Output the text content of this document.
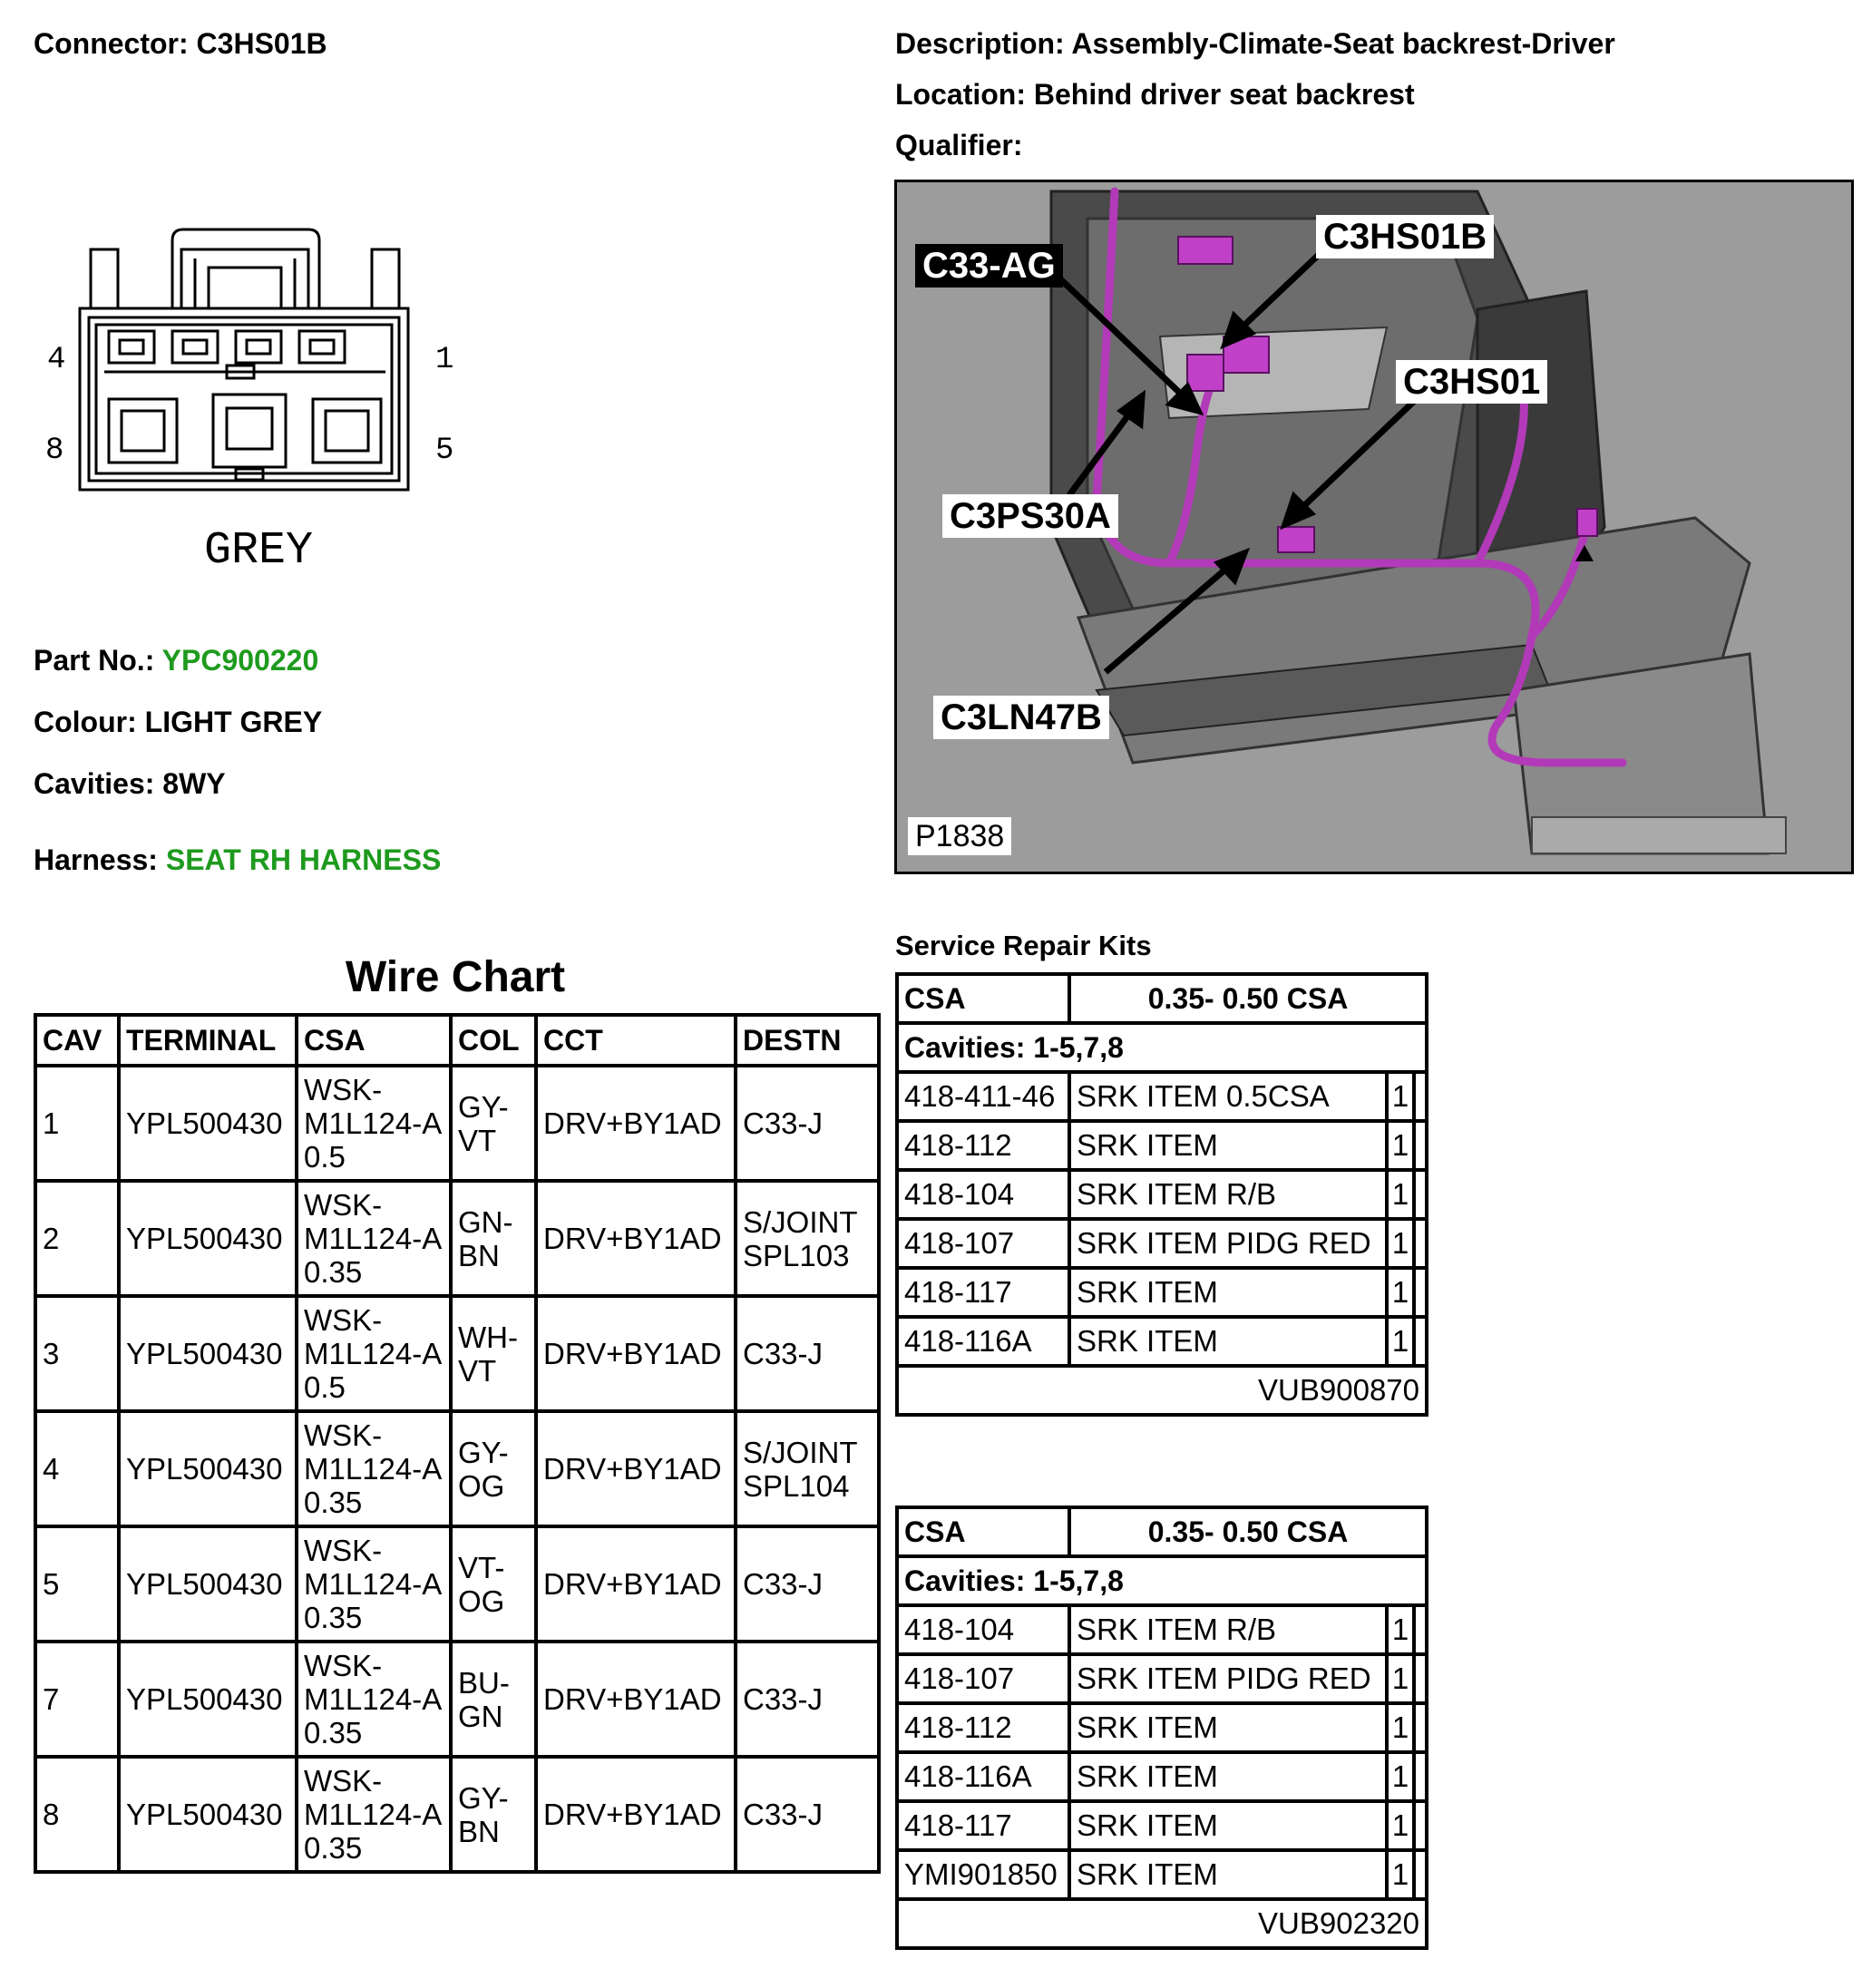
Connector: C3HS01B	Description: Assembly-Climate-Seat backrest-Driver
Location: Behind driver seat backrest
Qualifier:
4	1
8	5
GREY
Part No.: YPC900220
Colour: LIGHT GREY
Cavities: 8WY
Harness: SEAT RH HARNESS
C3HS01B
C33-AG
C3HS01
C3PS30A
C3LN47B
P1838
Wire Chart
CAV	TERMINAL	CSA	COL	CCT	DESTN
1	YPL500430	WSK-M1L124-A 0.5	GY-VT	DRV+BY1AD	C33-J
2	YPL500430	WSK-M1L124-A 0.35	GN-BN	DRV+BY1AD	S/JOINT SPL103
3	YPL500430	WSK-M1L124-A 0.5	WH-VT	DRV+BY1AD	C33-J
4	YPL500430	WSK-M1L124-A 0.35	GY-OG	DRV+BY1AD	S/JOINT SPL104
5	YPL500430	WSK-M1L124-A 0.35	VT-OG	DRV+BY1AD	C33-J
7	YPL500430	WSK-M1L124-A 0.35	BU-GN	DRV+BY1AD	C33-J
8	YPL500430	WSK-M1L124-A 0.35	GY-BN	DRV+BY1AD	C33-J
Service Repair Kits
CSA	0.35- 0.50 CSA		
Cavities: 1-5,7,8			
418-411-46	SRK ITEM 0.5CSA	1	
418-112	SRK ITEM	1	
418-104	SRK ITEM R/B	1	
418-107	SRK ITEM PIDG RED	1	
418-117	SRK ITEM	1	
418-116A	SRK ITEM	1	
VUB900870			
CSA	0.35- 0.50 CSA		
Cavities: 1-5,7,8			
418-104	SRK ITEM R/B	1	
418-107	SRK ITEM PIDG RED	1	
418-112	SRK ITEM	1	
418-116A	SRK ITEM	1	
418-117	SRK ITEM	1	
YMI901850	SRK ITEM	1	
VUB902320			
